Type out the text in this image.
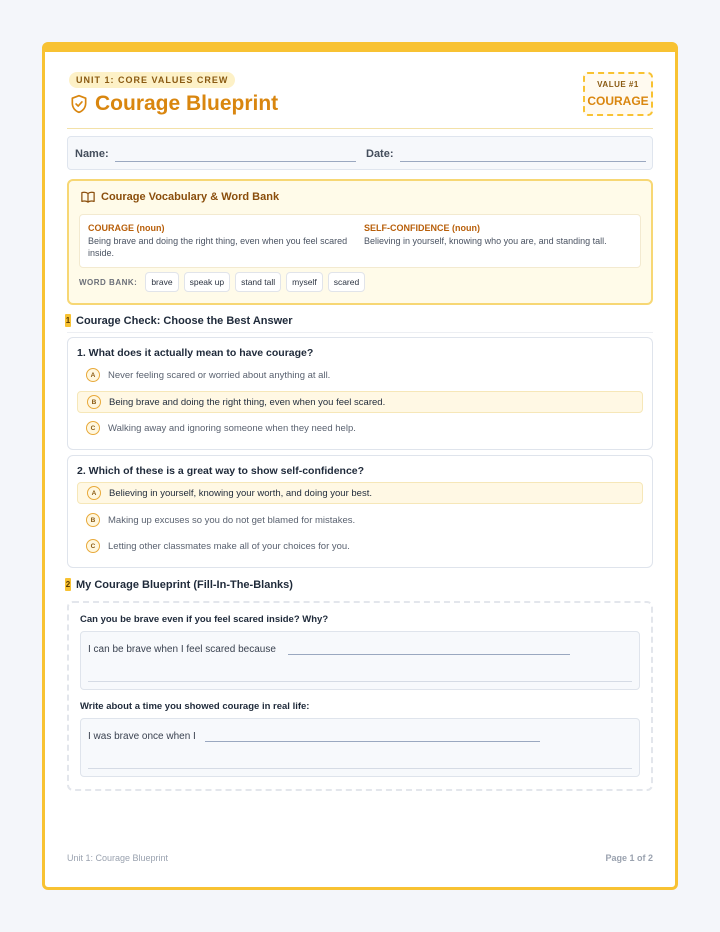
UNIT 1: CORE VALUES CREW
Courage Blueprint
VALUE #1
COURAGE
Name:	Date:
Courage Vocabulary & Word Bank
COURAGE (noun)
Being brave and doing the right thing, even when you feel scared inside.
SELF-CONFIDENCE (noun)
Believing in yourself, knowing who you are, and standing tall.
WORD BANK:	brave	speak up	stand tall	myself	scared
1 Courage Check: Choose the Best Answer
1. What does it actually mean to have courage?
A	Never feeling scared or worried about anything at all.
B	Being brave and doing the right thing, even when you feel scared.
C	Walking away and ignoring someone when they need help.
2. Which of these is a great way to show self-confidence?
A	Believing in yourself, knowing your worth, and doing your best.
B	Making up excuses so you do not get blamed for mistakes.
C	Letting other classmates make all of your choices for you.
2 My Courage Blueprint (Fill-In-The-Blanks)
Can you be brave even if you feel scared inside? Why?
I can be brave when I feel scared because
Write about a time you showed courage in real life:
I was brave once when I
Unit 1: Courage Blueprint	Page 1 of 2
